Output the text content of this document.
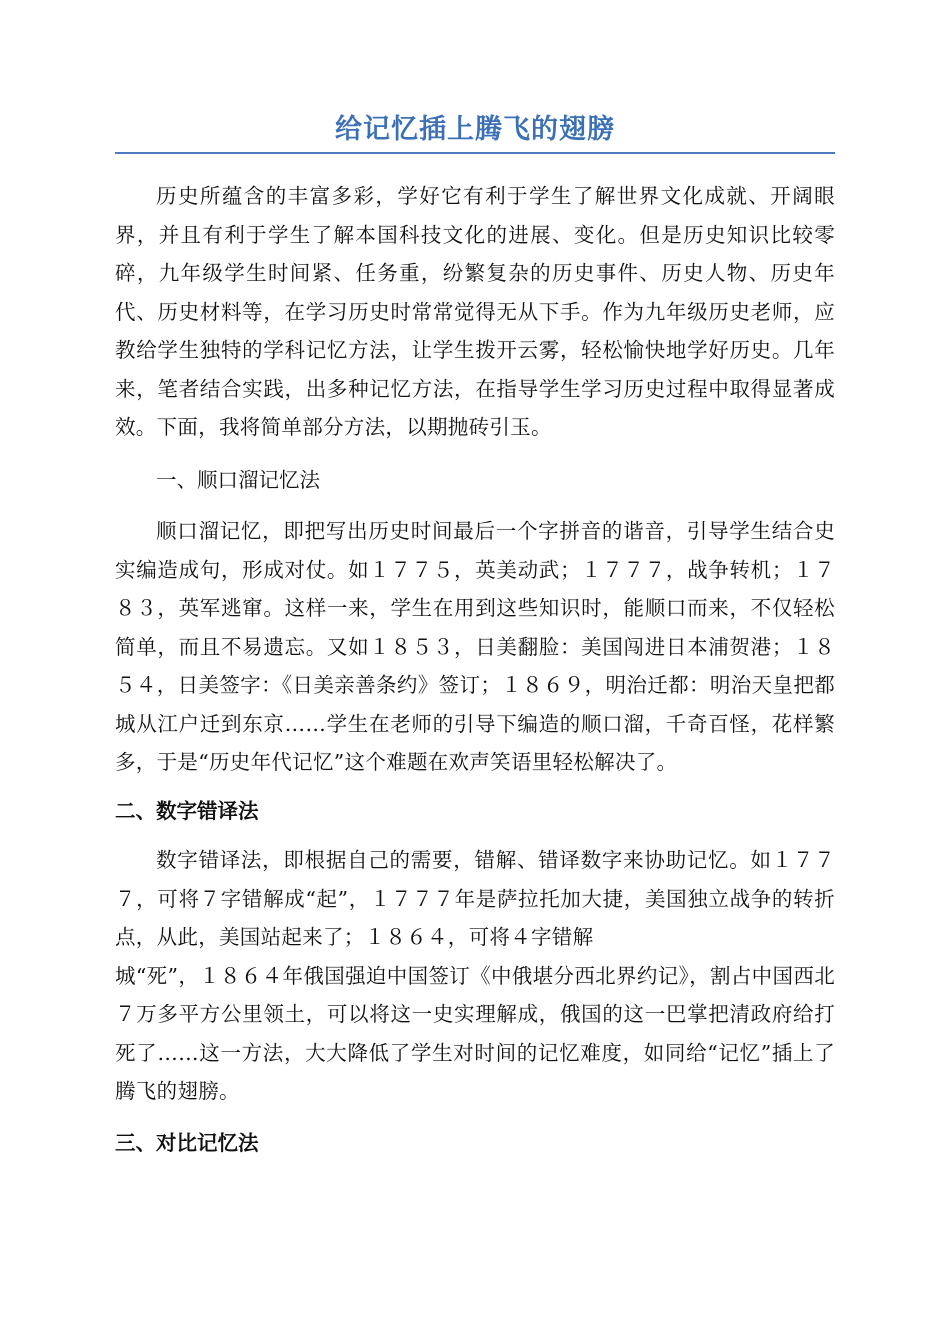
给记忆插上腾飞的翅膀

历史所蕴含的丰富多彩，学好它有利于学生了解世界文化成就、开阔眼界，并且有利于学生了解本国科技文化的进展、变化。但是历史知识比较零碎，九年级学生时间紧、任务重，纷繁复杂的历史事件、历史人物、历史年代、历史材料等，在学习历史时常常觉得无从下手。作为九年级历史老师，应教给学生独特的学科记忆方法，让学生拨开云雾，轻松愉快地学好历史。几年来，笔者结合实践，出多种记忆方法，在指导学生学习历史过程中取得显著成效。下面，我将简单部分方法，以期抛砖引玉。

一、顺口溜记忆法

顺口溜记忆，即把写出历史时间最后一个字拼音的谐音，引导学生结合史实编造成句，形成对仗。如１７７５，英美动武；１７７７，战争转机；１７８３，英军逃窜。这样一来，学生在用到这些知识时，能顺口而来，不仅轻松简单，而且不易遗忘。又如１８５３，日美翻脸：美国闯进日本浦贺港；１８５４，日美签字：《日美亲善条约》签订；１８６９，明治迁都：明治天皇把都城从江户迁到东京……学生在老师的引导下编造的顺口溜，千奇百怪，花样繁多，于是“历史年代记忆”这个难题在欢声笑语里轻松解决了。

二、数字错译法

数字错译法，即根据自己的需要，错解、错译数字来协助记忆。如１７７７，可将７字错解成“起”，１７７７年是萨拉托加大捷，美国独立战争的转折点，从此，美国站起来了；１８６４，可将４字错解

城“死”，１８６４年俄国强迫中国签订《中俄堪分西北界约记》，割占中国西北７万多平方公里领土，可以将这一史实理解成，俄国的这一巴掌把清政府给打死了……这一方法，大大降低了学生对时间的记忆难度，如同给“记忆”插上了腾飞的翅膀。

三、对比记忆法
